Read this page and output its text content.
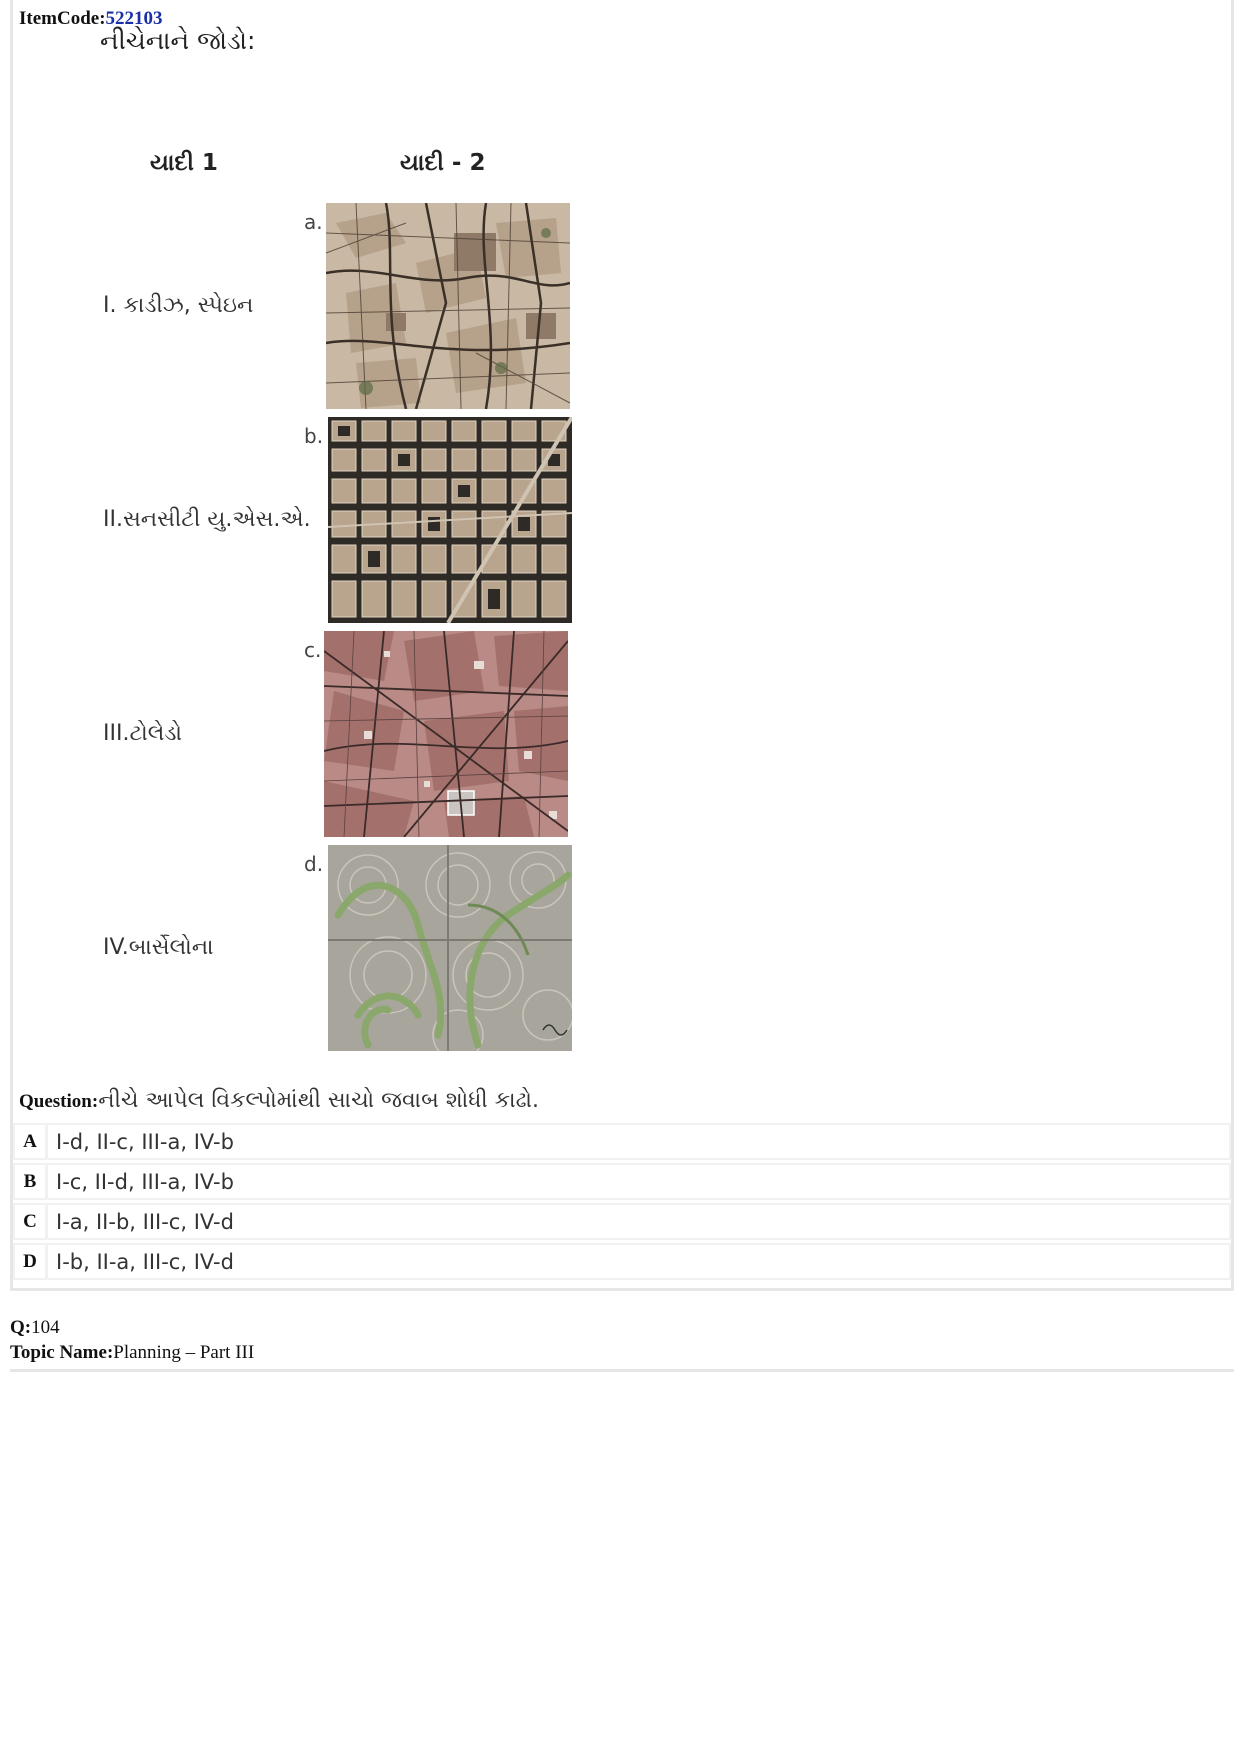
ItemCode:522103
નીચેનાને જોડો:
યાદી 1	યાદી - 2
I. કાડીઝ, સ્પેઇન
II.સનસીટી યુ.એસ.એ.
III.ટોલેડો
IV.બાર્સેલોના
a.
b.
c.
d.
Question:નીચે આપેલ વિકલ્પોમાંથી સાચો જવાબ શોધી કાઢો.
A I-d, II-c, III-a, IV-b
B I-c, II-d, III-a, IV-b
C I-a, II-b, III-c, IV-d
D I-b, II-a, III-c, IV-d
Q:104
Topic Name:Planning – Part III
